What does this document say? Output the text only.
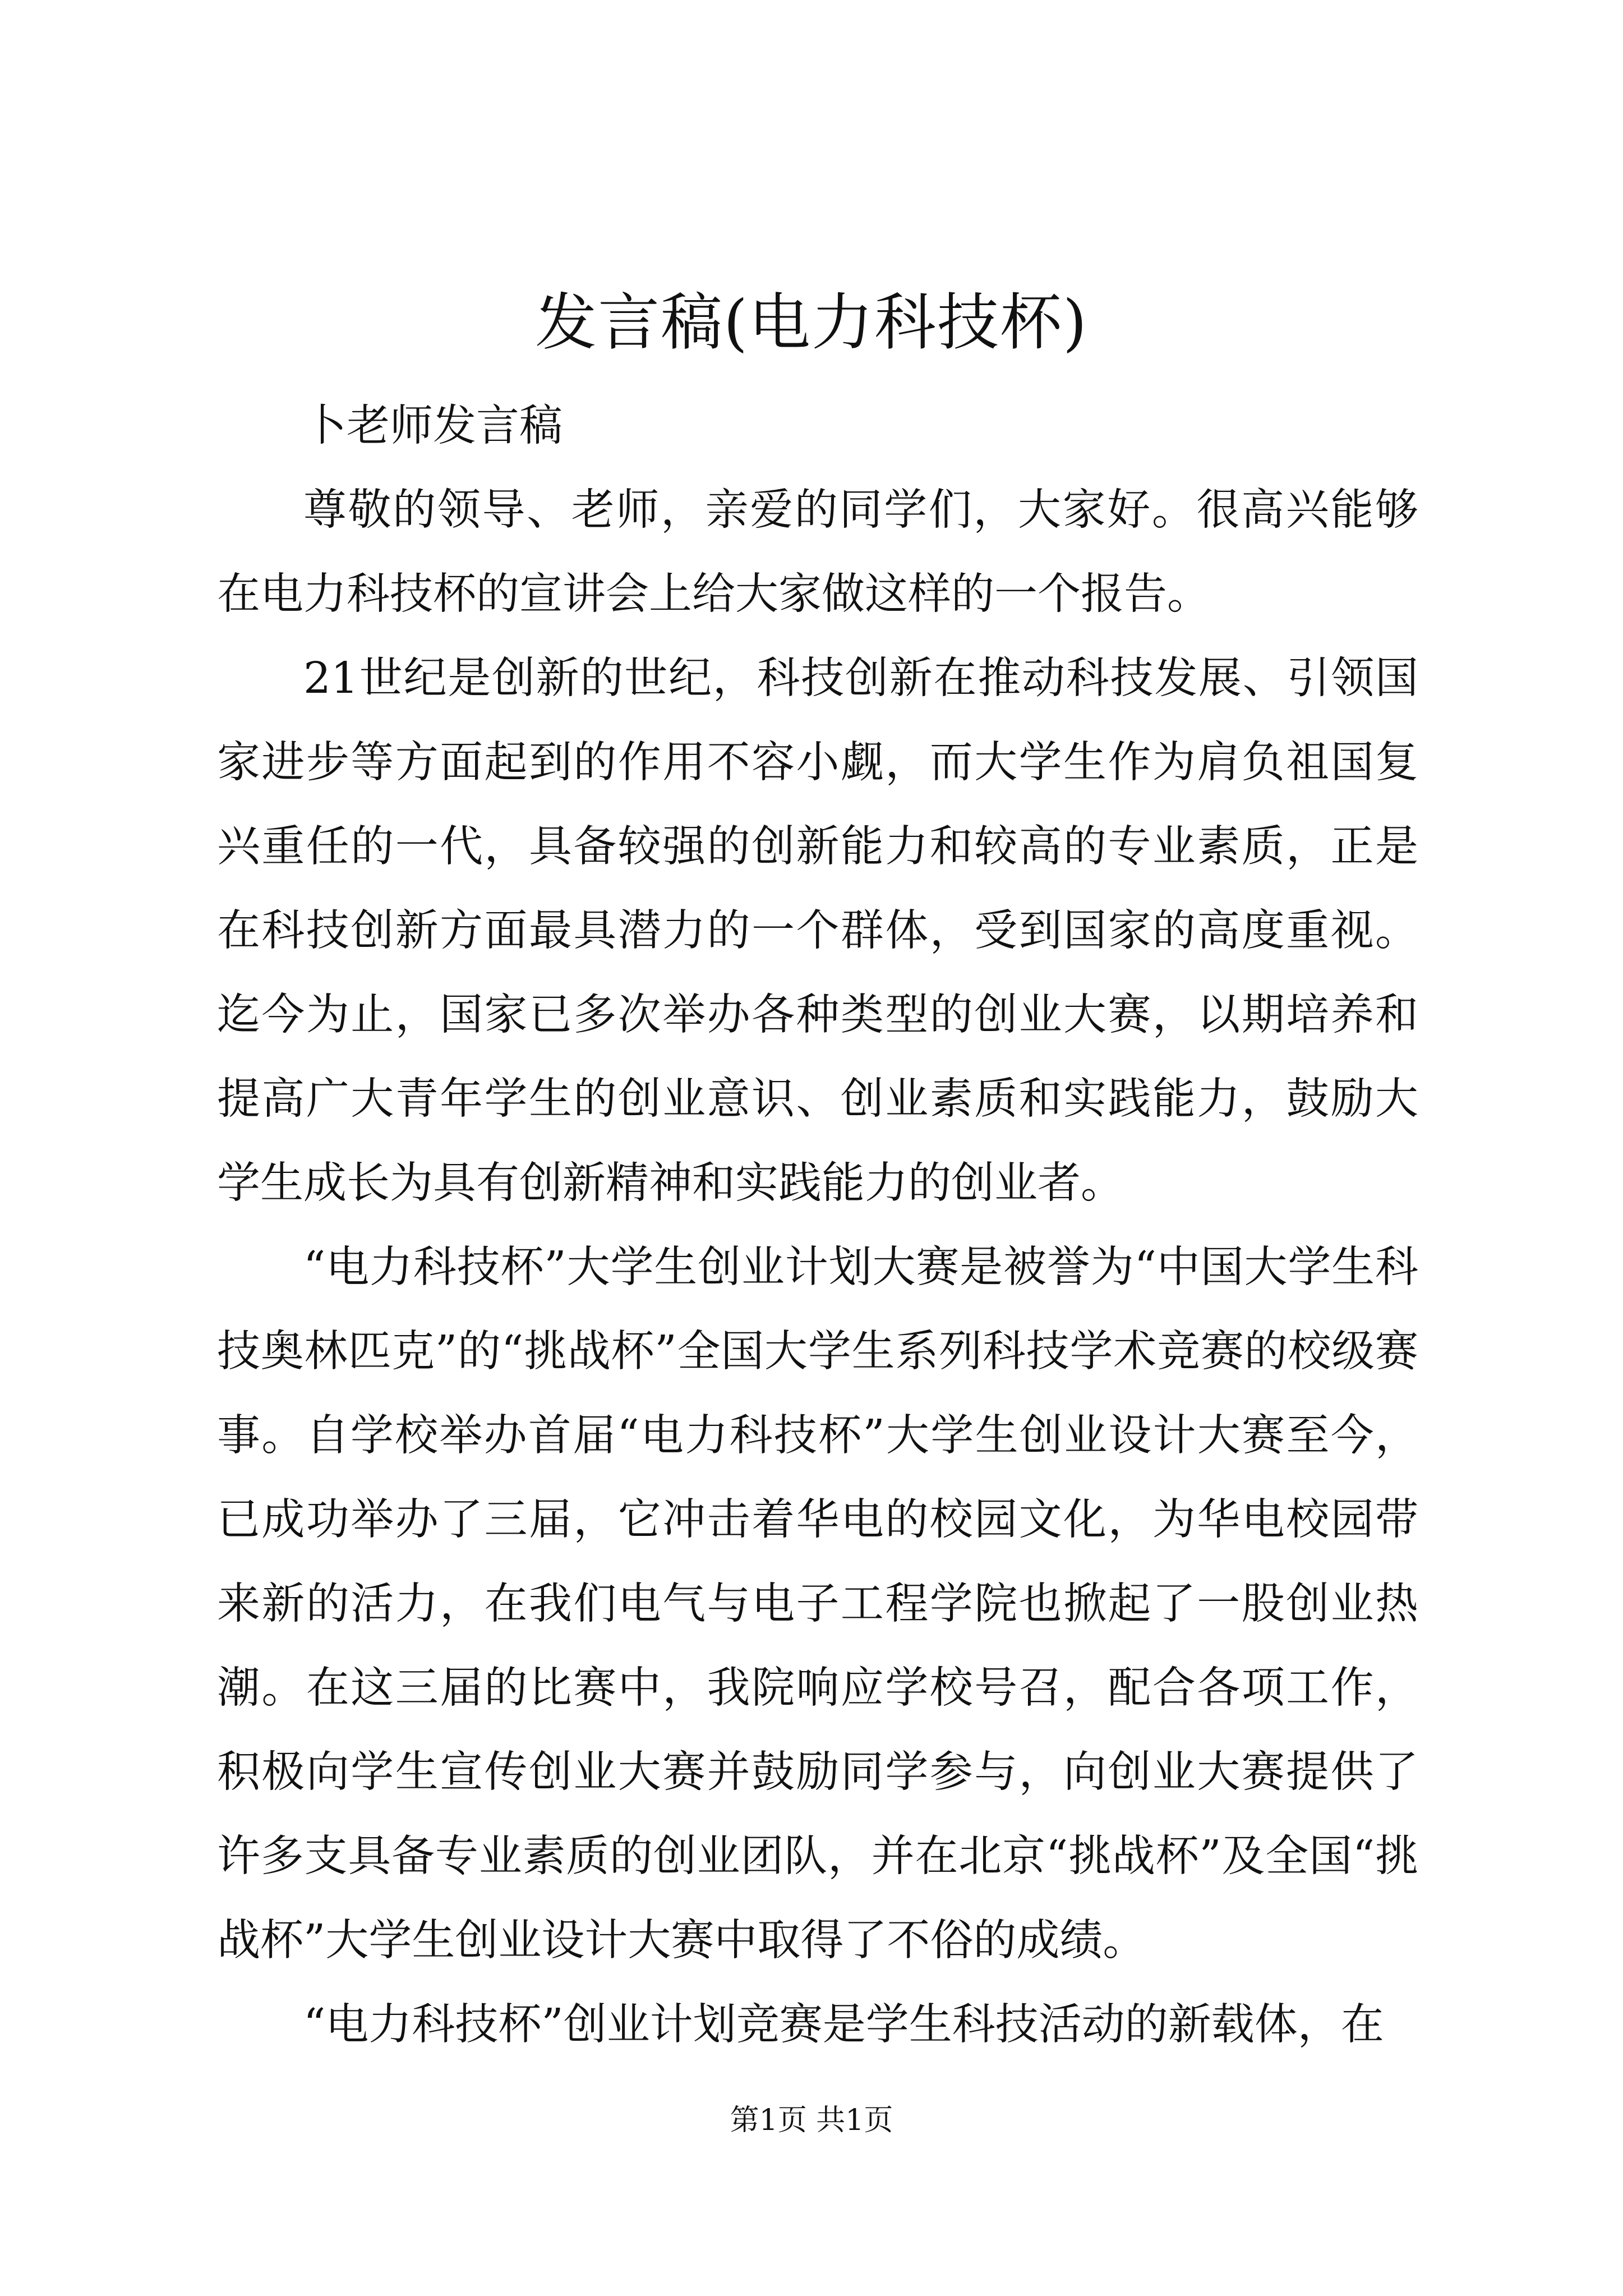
发言稿(电力科技杯)

卜老师发言稿

尊敬的领导、老师，亲爱的同学们，大家好。很高兴能够在电力科技杯的宣讲会上给大家做这样的一个报告。

21世纪是创新的世纪，科技创新在推动科技发展、引领国家进步等方面起到的作用不容小觑，而大学生作为肩负祖国复兴重任的一代，具备较强的创新能力和较高的专业素质，正是在科技创新方面最具潜力的一个群体，受到国家的高度重视。迄今为止，国家已多次举办各种类型的创业大赛，以期培养和提高广大青年学生的创业意识、创业素质和实践能力，鼓励大学生成长为具有创新精神和实践能力的创业者。

“电力科技杯”大学生创业计划大赛是被誉为“中国大学生科技奥林匹克”的“挑战杯”全国大学生系列科技学术竞赛的校级赛事。自学校举办首届“电力科技杯”大学生创业设计大赛至今，已成功举办了三届，它冲击着华电的校园文化，为华电校园带来新的活力，在我们电气与电子工程学院也掀起了一股创业热潮。在这三届的比赛中，我院响应学校号召，配合各项工作，积极向学生宣传创业大赛并鼓励同学参与，向创业大赛提供了许多支具备专业素质的创业团队，并在北京“挑战杯”及全国“挑战杯”大学生创业设计大赛中取得了不俗的成绩。

“电力科技杯”创业计划竞赛是学生科技活动的新载体，在

第1页 共1页
